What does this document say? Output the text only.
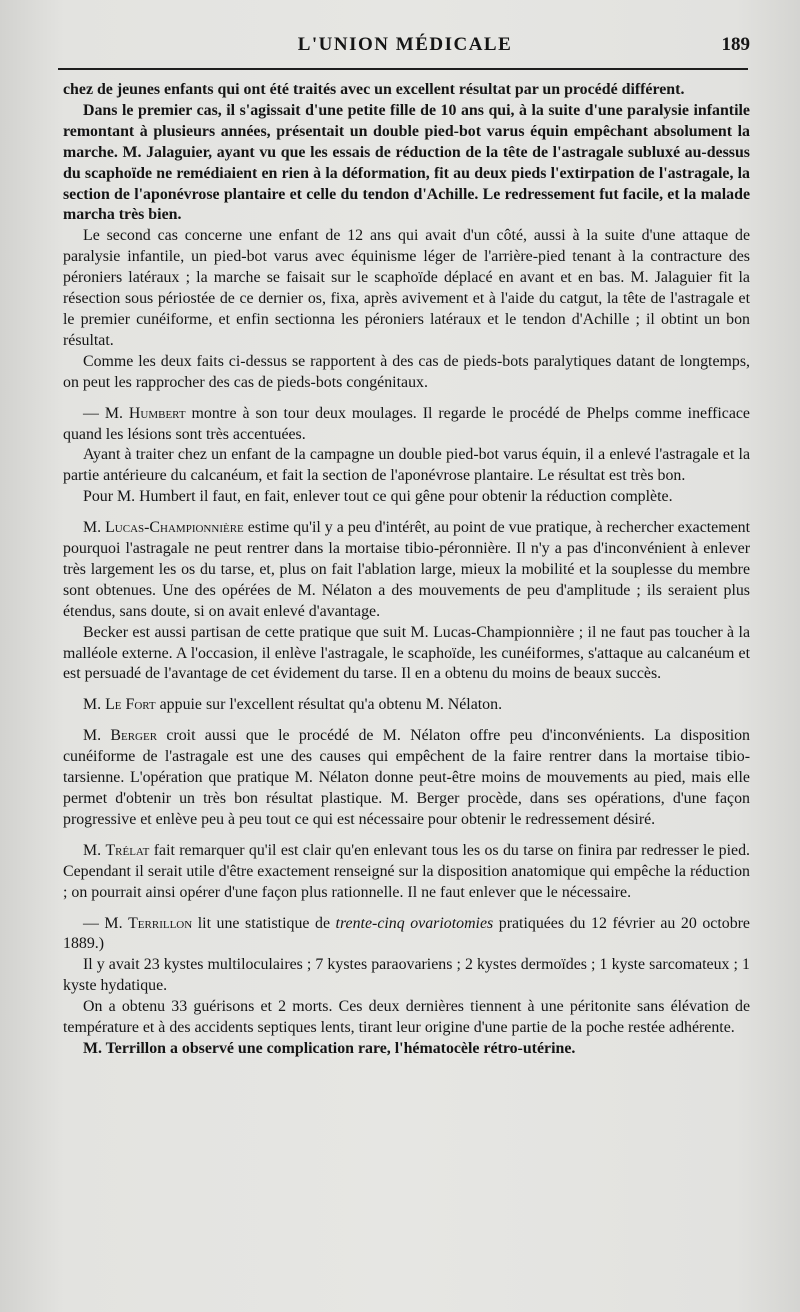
L'UNION MÉDICALE	189

chez de jeunes enfants qui ont été traités avec un excellent résultat par un procédé différent.

Dans le premier cas, il s'agissait d'une petite fille de 10 ans qui, à la suite d'une paralysie infantile remontant à plusieurs années, présentait un double pied-bot varus équin empêchant absolument la marche. M. Jalaguier, ayant vu que les essais de réduction de la tête de l'astragale subluxé au-dessus du scaphoïde ne remédiaient en rien à la déformation, fit au deux pieds l'extirpation de l'astragale, la section de l'aponévrose plantaire et celle du tendon d'Achille. Le redressement fut facile, et la malade marcha très bien.

Le second cas concerne une enfant de 12 ans qui avait d'un côté, aussi à la suite d'une attaque de paralysie infantile, un pied-bot varus avec équinisme léger de l'arrière-pied tenant à la contracture des péroniers latéraux ; la marche se faisait sur le scaphoïde déplacé en avant et en bas. M. Jalaguier fit la résection sous périostée de ce dernier os, fixa, après avivement et à l'aide du catgut, la tête de l'astragale et le premier cunéiforme, et enfin sectionna les péroniers latéraux et le tendon d'Achille ; il obtint un bon résultat.

Comme les deux faits ci-dessus se rapportent à des cas de pieds-bots paralytiques datant de longtemps, on peut les rapprocher des cas de pieds-bots congénitaux.

— M. Humbert montre à son tour deux moulages. Il regarde le procédé de Phelps comme inefficace quand les lésions sont très accentuées.

Ayant à traiter chez un enfant de la campagne un double pied-bot varus équin, il a enlevé l'astragale et la partie antérieure du calcanéum, et fait la section de l'aponévrose plantaire. Le résultat est très bon.

Pour M. Humbert il faut, en fait, enlever tout ce qui gêne pour obtenir la réduction complète.

M. Lucas-Championnière estime qu'il y a peu d'intérêt, au point de vue pratique, à rechercher exactement pourquoi l'astragale ne peut rentrer dans la mortaise tibio-péronnière. Il n'y a pas d'inconvénient à enlever très largement les os du tarse, et, plus on fait l'ablation large, mieux la mobilité et la souplesse du membre sont obtenues. Une des opérées de M. Nélaton a des mouvements de peu d'amplitude ; ils seraient plus étendus, sans doute, si on avait enlevé d'avantage.

Becker est aussi partisan de cette pratique que suit M. Lucas-Championnière ; il ne faut pas toucher à la malléole externe. A l'occasion, il enlève l'astragale, le scaphoïde, les cunéiformes, s'attaque au calcanéum et est persuadé de l'avantage de cet évidement du tarse. Il en a obtenu du moins de beaux succès.

M. Le Fort appuie sur l'excellent résultat qu'a obtenu M. Nélaton.

M. Berger croit aussi que le procédé de M. Nélaton offre peu d'inconvénients. La disposition cunéiforme de l'astragale est une des causes qui empêchent de la faire rentrer dans la mortaise tibio-tarsienne. L'opération que pratique M. Nélaton donne peut-être moins de mouvements au pied, mais elle permet d'obtenir un très bon résultat plastique. M. Berger procède, dans ses opérations, d'une façon progressive et enlève peu à peu tout ce qui est nécessaire pour obtenir le redressement désiré.

M. Trélat fait remarquer qu'il est clair qu'en enlevant tous les os du tarse on finira par redresser le pied. Cependant il serait utile d'être exactement renseigné sur la disposition anatomique qui empêche la réduction ; on pourrait ainsi opérer d'une façon plus rationnelle. Il ne faut enlever que le nécessaire.

— M. Terrillon lit une statistique de trente-cinq ovariotomies pratiquées du 12 février au 20 octobre 1889.)

Il y avait 23 kystes multiloculaires ; 7 kystes paraovariens ; 2 kystes dermoïdes ; 1 kyste sarcomateux ; 1 kyste hydatique.

On a obtenu 33 guérisons et 2 morts. Ces deux dernières tiennent à une péritonite sans élévation de température et à des accidents septiques lents, tirant leur origine d'une partie de la poche restée adhérente.

M. Terrillon a observé une complication rare, l'hématocèle rétro-utérine.
